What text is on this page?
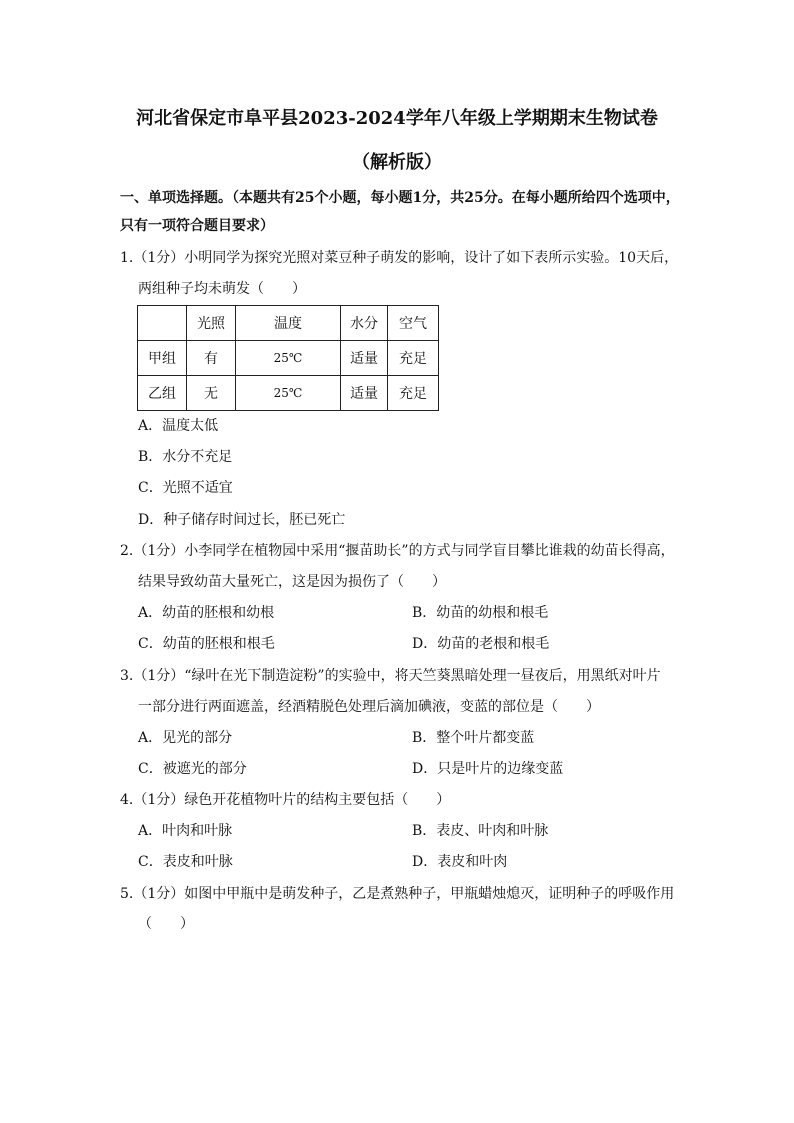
河北省保定市阜平县2023-2024学年八年级上学期期末生物试卷
（解析版）
一、单项选择题。（本题共有25个小题，每小题1分，共25分。在每小题所给四个选项中，
只有一项符合题目要求）
1.（1分）小明同学为探究光照对菜豆种子萌发的影响，设计了如下表所示实验。10天后，
两组种子均未萌发（　　）
	光照	温度	水分	空气
甲组	有	25℃	适量	充足
乙组	无	25℃	适量	充足
A．温度太低
B．水分不充足
C．光照不适宜
D．种子储存时间过长，胚已死亡
2.（1分）小李同学在植物园中采用“揠苗助长”的方式与同学盲目攀比谁栽的幼苗长得高，
结果导致幼苗大量死亡，这是因为损伤了（　　）
A．幼苗的胚根和幼根	B．幼苗的幼根和根毛
C．幼苗的胚根和根毛	D．幼苗的老根和根毛
3.（1分）“绿叶在光下制造淀粉”的实验中，将天竺葵黑暗处理一昼夜后，用黑纸对叶片
一部分进行两面遮盖，经酒精脱色处理后滴加碘液，变蓝的部位是（　　）
A．见光的部分	B．整个叶片都变蓝
C．被遮光的部分	D．只是叶片的边缘变蓝
4.（1分）绿色开花植物叶片的结构主要包括（　　）
A．叶肉和叶脉	B．表皮、叶肉和叶脉
C．表皮和叶脉	D．表皮和叶肉
5.（1分）如图中甲瓶中是萌发种子，乙是煮熟种子，甲瓶蜡烛熄灭，证明种子的呼吸作用
（　　）
